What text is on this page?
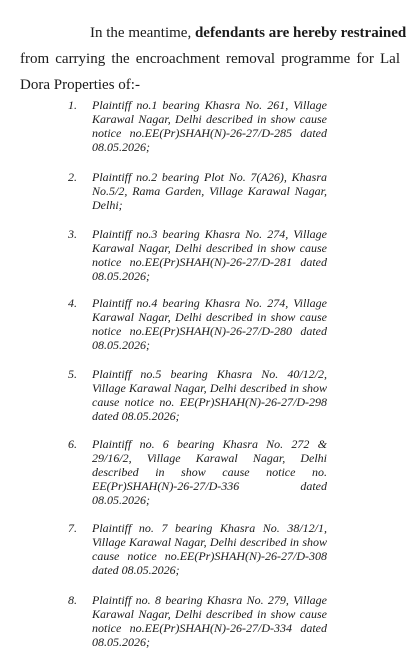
In the meantime, defendants are hereby restrained
from carrying the encroachment removal programme for Lal
Dora Properties of:-
1. Plaintiff no.1 bearing Khasra No. 261, Village Karawal Nagar, Delhi described in show cause notice no.EE(Pr)SHAH(N)-26-27/D-285 dated 08.05.2026;
2. Plaintiff no.2 bearing Plot No. 7(A26), Khasra No.5/2, Rama Garden, Village Karawal Nagar, Delhi;
3. Plaintiff no.3 bearing Khasra No. 274, Village Karawal Nagar, Delhi described in show cause notice no.EE(Pr)SHAH(N)-26-27/D-281 dated 08.05.2026;
4. Plaintiff no.4 bearing Khasra No. 274, Village Karawal Nagar, Delhi described in show cause notice no.EE(Pr)SHAH(N)-26-27/D-280 dated 08.05.2026;
5. Plaintiff no.5 bearing Khasra No. 40/12/2, Village Karawal Nagar, Delhi described in show cause notice no. EE(Pr)SHAH(N)-26-27/D-298 dated 08.05.2026;
6. Plaintiff no. 6 bearing Khasra No. 272 & 29/16/2, Village Karawal Nagar, Delhi described in show cause notice no. EE(Pr)SHAH(N)-26-27/D-336 dated 08.05.2026;
7. Plaintiff no. 7 bearing Khasra No. 38/12/1, Village Karawal Nagar, Delhi described in show cause notice no.EE(Pr)SHAH(N)-26-27/D-308 dated 08.05.2026;
8. Plaintiff no. 8 bearing Khasra No. 279, Village Karawal Nagar, Delhi described in show cause notice no.EE(Pr)SHAH(N)-26-27/D-334 dated 08.05.2026;
